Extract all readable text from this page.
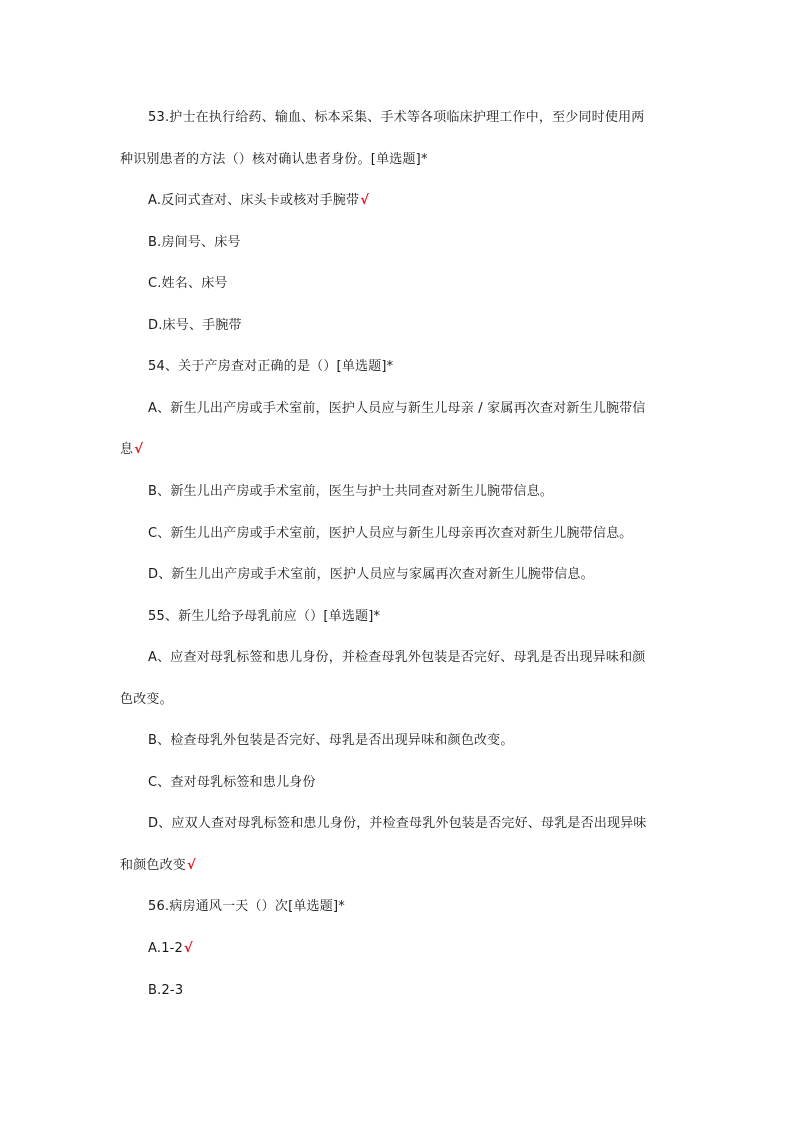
53.护士在执行给药、输血、标本采集、手术等各项临床护理工作中，至少同时使用两
种识别患者的方法（）核对确认患者身份。[单选题]*
A.反问式查对、床头卡或核对手腕带√
B.房间号、床号
C.姓名、床号
D.床号、手腕带
54、关于产房查对正确的是（）[单选题]*
A、新生儿出产房或手术室前，医护人员应与新生儿母亲 / 家属再次查对新生儿腕带信
息√
B、新生儿出产房或手术室前，医生与护士共同查对新生儿腕带信息。
C、新生儿出产房或手术室前，医护人员应与新生儿母亲再次查对新生儿腕带信息。
D、新生儿出产房或手术室前，医护人员应与家属再次查对新生儿腕带信息。
55、新生儿给予母乳前应（）[单选题]*
A、应查对母乳标签和患儿身份，并检查母乳外包装是否完好、母乳是否出现异味和颜
色改变。
B、检查母乳外包装是否完好、母乳是否出现异味和颜色改变。
C、查对母乳标签和患儿身份
D、应双人查对母乳标签和患儿身份，并检查母乳外包装是否完好、母乳是否出现异味
和颜色改变√
56.病房通风一天（）次[单选题]*
A.1-2√
B.2-3
